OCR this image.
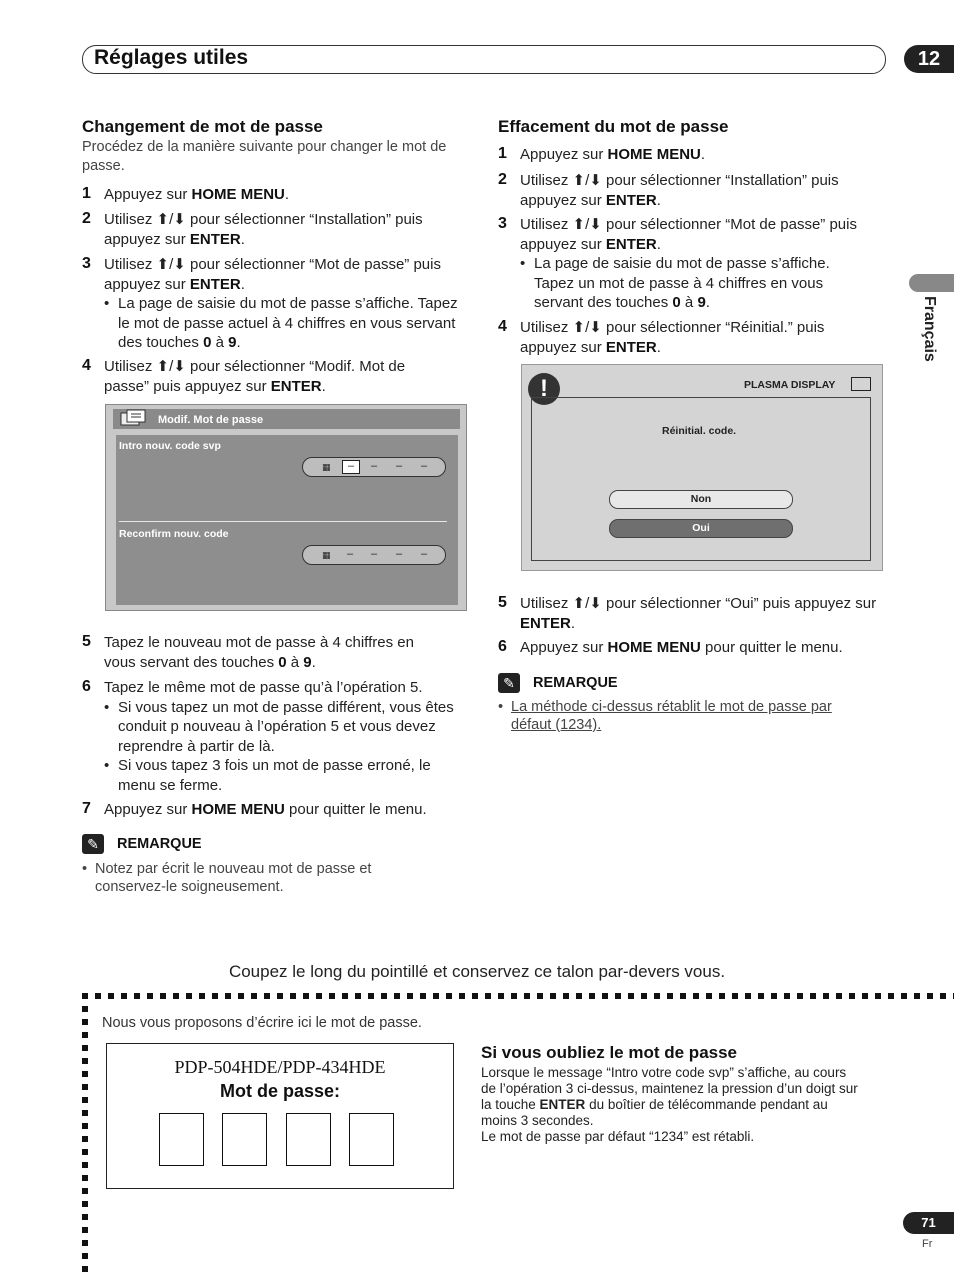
Réglages utiles	12
Français
Changement de mot de passe
Procédez de la manière suivante pour changer le mot de passe.
1 Appuyez sur HOME MENU.
2 Utilisez ⬆/⬇ pour sélectionner “Installation” puis appuyez sur ENTER.
3 Utilisez ⬆/⬇ pour sélectionner “Mot de passe” puis appuyez sur ENTER.
• La page de saisie du mot de passe s’affiche. Tapez le mot de passe actuel à 4 chiffres en vous servant des touches 0 à 9.
4 Utilisez ⬆/⬇ pour sélectionner “Modif. Mot de passe” puis appuyez sur ENTER.
Modif. Mot de passe
Intro nouv. code svp
▦	–	–	–	–
Reconfirm nouv. code
▦	–	–	–	–
5 Tapez le nouveau mot de passe à 4 chiffres en vous servant des touches 0 à 9.
6 Tapez le même mot de passe qu’à l’opération 5.
• Si vous tapez un mot de passe différent, vous êtes conduit p nouveau à l’opération 5 et vous devez reprendre à partir de là.
• Si vous tapez 3 fois un mot de passe erroné, le menu se ferme.
7 Appuyez sur HOME MENU pour quitter le menu.
✎	REMARQUE
• Notez par écrit le nouveau mot de passe et conservez-le soigneusement.
Effacement du mot de passe
1 Appuyez sur HOME MENU.
2 Utilisez ⬆/⬇ pour sélectionner “Installation” puis appuyez sur ENTER.
3 Utilisez ⬆/⬇ pour sélectionner “Mot de passe” puis appuyez sur ENTER.
• La page de saisie du mot de passe s’affiche. Tapez un mot de passe à 4 chiffres en vous servant des touches 0 à 9.
4 Utilisez ⬆/⬇ pour sélectionner “Réinitial.” puis appuyez sur ENTER.
!	PLASMA DISPLAY
Réinitial. code.
Non
Oui
5 Utilisez ⬆/⬇ pour sélectionner “Oui” puis appuyez sur ENTER.
6 Appuyez sur HOME MENU pour quitter le menu.
✎	REMARQUE
• La méthode ci-dessus rétablit le mot de passe par défaut (1234).
Coupez le long du pointillé et conservez ce talon par-devers vous.
Nous vous proposons d’écrire ici le mot de passe.
PDP-504HDE/PDP-434HDE
Mot de passe:
Si vous oubliez le mot de passe
Lorsque le message “Intro votre code svp” s’affiche, au cours de l’opération 3 ci-dessus, maintenez la pression d’un doigt sur la touche ENTER du boîtier de télécommande pendant au moins 3 secondes.
Le mot de passe par défaut “1234” est rétabli.
71
Fr
